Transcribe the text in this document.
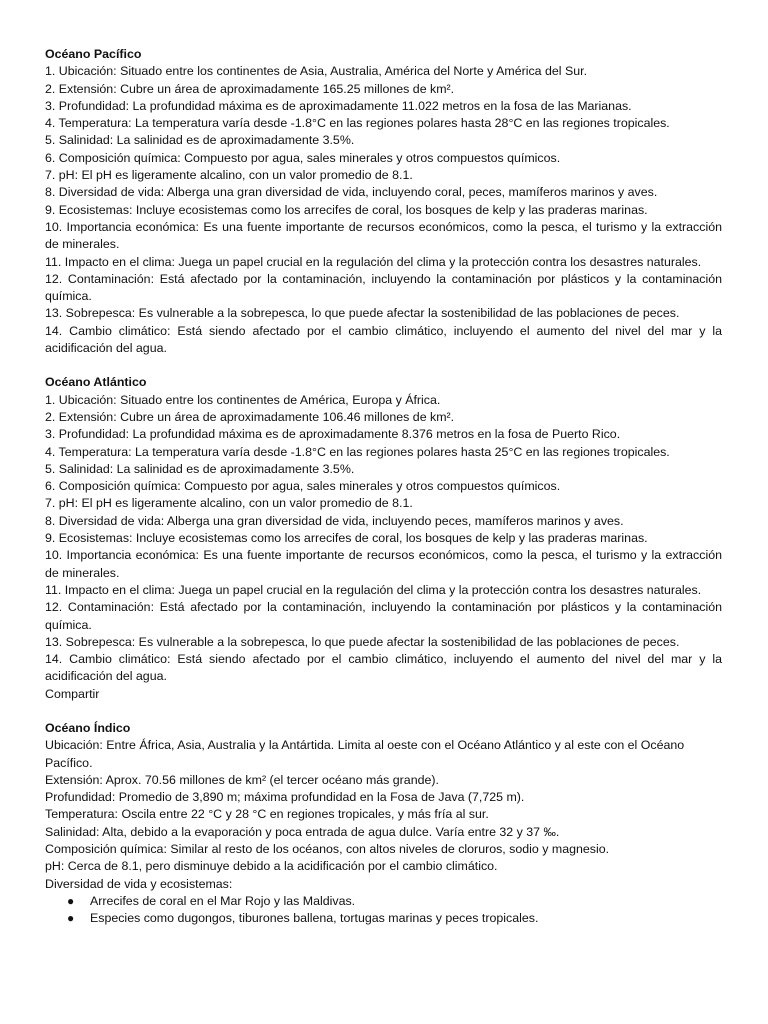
Océano Pacífico
1. Ubicación: Situado entre los continentes de Asia, Australia, América del Norte y América del Sur.
2. Extensión: Cubre un área de aproximadamente 165.25 millones de km².
3. Profundidad: La profundidad máxima es de aproximadamente 11.022 metros en la fosa de las Marianas.
4. Temperatura: La temperatura varía desde -1.8°C en las regiones polares hasta 28°C en las regiones tropicales.
5. Salinidad: La salinidad es de aproximadamente 3.5%.
6. Composición química: Compuesto por agua, sales minerales y otros compuestos químicos.
7. pH: El pH es ligeramente alcalino, con un valor promedio de 8.1.
8. Diversidad de vida: Alberga una gran diversidad de vida, incluyendo coral, peces, mamíferos marinos y aves.
9. Ecosistemas: Incluye ecosistemas como los arrecifes de coral, los bosques de kelp y las praderas marinas.
10. Importancia económica: Es una fuente importante de recursos económicos, como la pesca, el turismo y la extracción de minerales.
11. Impacto en el clima: Juega un papel crucial en la regulación del clima y la protección contra los desastres naturales.
12. Contaminación: Está afectado por la contaminación, incluyendo la contaminación por plásticos y la contaminación química.
13. Sobrepesca: Es vulnerable a la sobrepesca, lo que puede afectar la sostenibilidad de las poblaciones de peces.
14. Cambio climático: Está siendo afectado por el cambio climático, incluyendo el aumento del nivel del mar y la acidificación del agua.
Océano Atlántico
1. Ubicación: Situado entre los continentes de América, Europa y África.
2. Extensión: Cubre un área de aproximadamente 106.46 millones de km².
3. Profundidad: La profundidad máxima es de aproximadamente 8.376 metros en la fosa de Puerto Rico.
4. Temperatura: La temperatura varía desde -1.8°C en las regiones polares hasta 25°C en las regiones tropicales.
5. Salinidad: La salinidad es de aproximadamente 3.5%.
6. Composición química: Compuesto por agua, sales minerales y otros compuestos químicos.
7. pH: El pH es ligeramente alcalino, con un valor promedio de 8.1.
8. Diversidad de vida: Alberga una gran diversidad de vida, incluyendo peces, mamíferos marinos y aves.
9. Ecosistemas: Incluye ecosistemas como los arrecifes de coral, los bosques de kelp y las praderas marinas.
10. Importancia económica: Es una fuente importante de recursos económicos, como la pesca, el turismo y la extracción de minerales.
11. Impacto en el clima: Juega un papel crucial en la regulación del clima y la protección contra los desastres naturales.
12. Contaminación: Está afectado por la contaminación, incluyendo la contaminación por plásticos y la contaminación química.
13. Sobrepesca: Es vulnerable a la sobrepesca, lo que puede afectar la sostenibilidad de las poblaciones de peces.
14. Cambio climático: Está siendo afectado por el cambio climático, incluyendo el aumento del nivel del mar y la acidificación del agua.
Compartir
Océano Índico
Ubicación: Entre África, Asia, Australia y la Antártida. Limita al oeste con el Océano Atlántico y al este con el Océano Pacífico.
Extensión: Aprox. 70.56 millones de km² (el tercer océano más grande).
Profundidad: Promedio de 3,890 m; máxima profundidad en la Fosa de Java (7,725 m).
Temperatura: Oscila entre 22 °C y 28 °C en regiones tropicales, y más fría al sur.
Salinidad: Alta, debido a la evaporación y poca entrada de agua dulce. Varía entre 32 y 37 ‰.
Composición química: Similar al resto de los océanos, con altos niveles de cloruros, sodio y magnesio.
pH: Cerca de 8.1, pero disminuye debido a la acidificación por el cambio climático.
Diversidad de vida y ecosistemas:
● Arrecifes de coral en el Mar Rojo y las Maldivas.
● Especies como dugongos, tiburones ballena, tortugas marinas y peces tropicales.
